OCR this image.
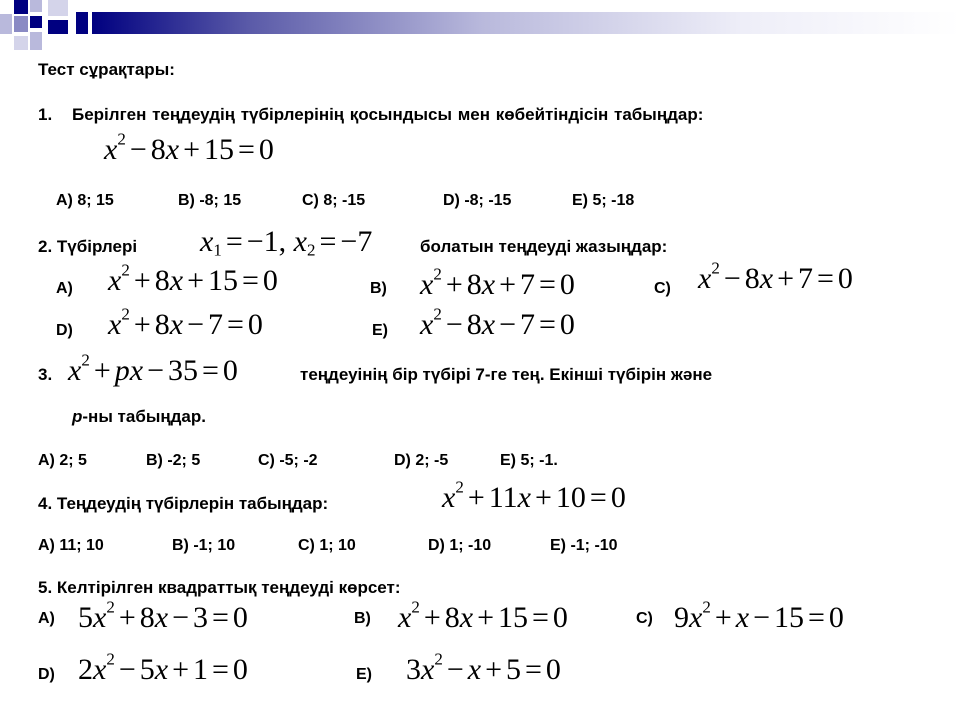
Тест сұрақтары:
1. Берілген теңдеудің түбірлерінің қосындысы мен көбейтіндісін табыңдар:
$x^2 - 8x + 15 = 0$
A) 8; 15	B) -8; 15	C) 8; -15	D) -8; -15	E) 5; -18
2. Түбірлері $x_1 = -1$, $x_2 = -7$	болатын теңдеуді жазыңдар:
A) $x^2 + 8x + 15 = 0$	B) $x^2 + 8x + 7 = 0$	C) $x^2 - 8x + 7 = 0$
D) $x^2 + 8x - 7 = 0$	E) $x^2 - 8x - 7 = 0$
3. $x^2$ + px − 35 = 0	теңдеуінің бір түбірі 7-ге тең. Екінші түбірін және
p-ны табыңдар.
A) 2; 5	B) -2; 5	C) -5; -2	D) 2; -5	E) 5; -1.
4. Теңдеудің түбірлерін табыңдар:	$x^2 + 11x + 10 = 0$
A) 11; 10	B) -1; 10	C) 1; 10	D) 1; -10	E) -1; -10
5. Келтірілген квадраттық теңдеуді көрсет:
A) $5x^2 + 8x - 3 = 0$	B) $x^2 + 8x + 15 = 0$	C) $9x^2 + x - 15 = 0$
D) $2x^2 - 5x + 1 = 0$	E) $3x^2 - x + 5 = 0$
